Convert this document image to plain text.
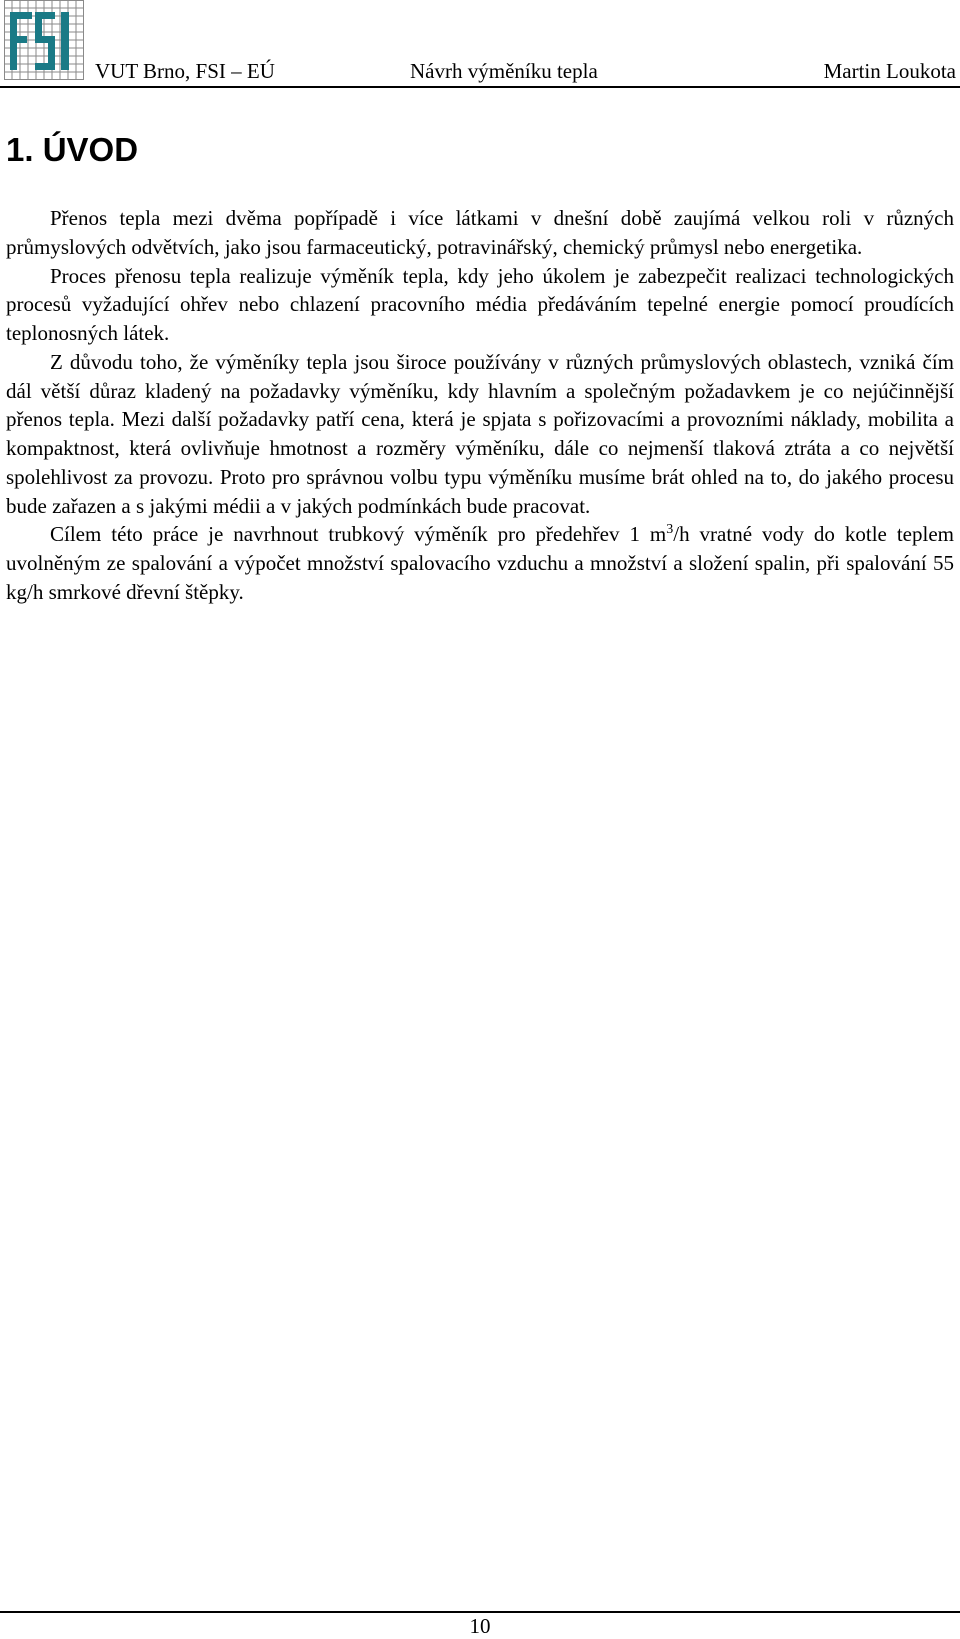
VUT Brno, FSI – EÚ	Návrh výměníku tepla	Martin Loukota
1. ÚVOD

Přenos tepla mezi dvěma popřípadě i více látkami v dnešní době zaujímá velkou roli v různých průmyslových odvětvích, jako jsou farmaceutický, potravinářský, chemický průmysl nebo energetika.

Proces přenosu tepla realizuje výměník tepla, kdy jeho úkolem je zabezpečit realizaci technologických procesů vyžadující ohřev nebo chlazení pracovního média předáváním tepelné energie pomocí proudících teplonosných látek.

Z důvodu toho, že výměníky tepla jsou široce používány v různých průmyslových oblastech, vzniká čím dál větší důraz kladený na požadavky výměníku, kdy hlavním a společným požadavkem je co nejúčinnější přenos tepla. Mezi další požadavky patří cena, která je spjata s pořizovacími a provozními náklady, mobilita a kompaktnost, která ovlivňuje hmotnost a rozměry výměníku, dále co nejmenší tlaková ztráta a co největší spolehlivost za provozu. Proto pro správnou volbu typu výměníku musíme brát ohled na to, do jakého procesu bude zařazen a s jakými médii a v jakých podmínkách bude pracovat.

Cílem této práce je navrhnout trubkový výměník pro předehřev 1 $m^3/h$ vratné vody do kotle teplem uvolněným ze spalování a výpočet množství spalovacího vzduchu a množství a složení spalin, při spalování 55 kg/h smrkové dřevní štěpky.

10
